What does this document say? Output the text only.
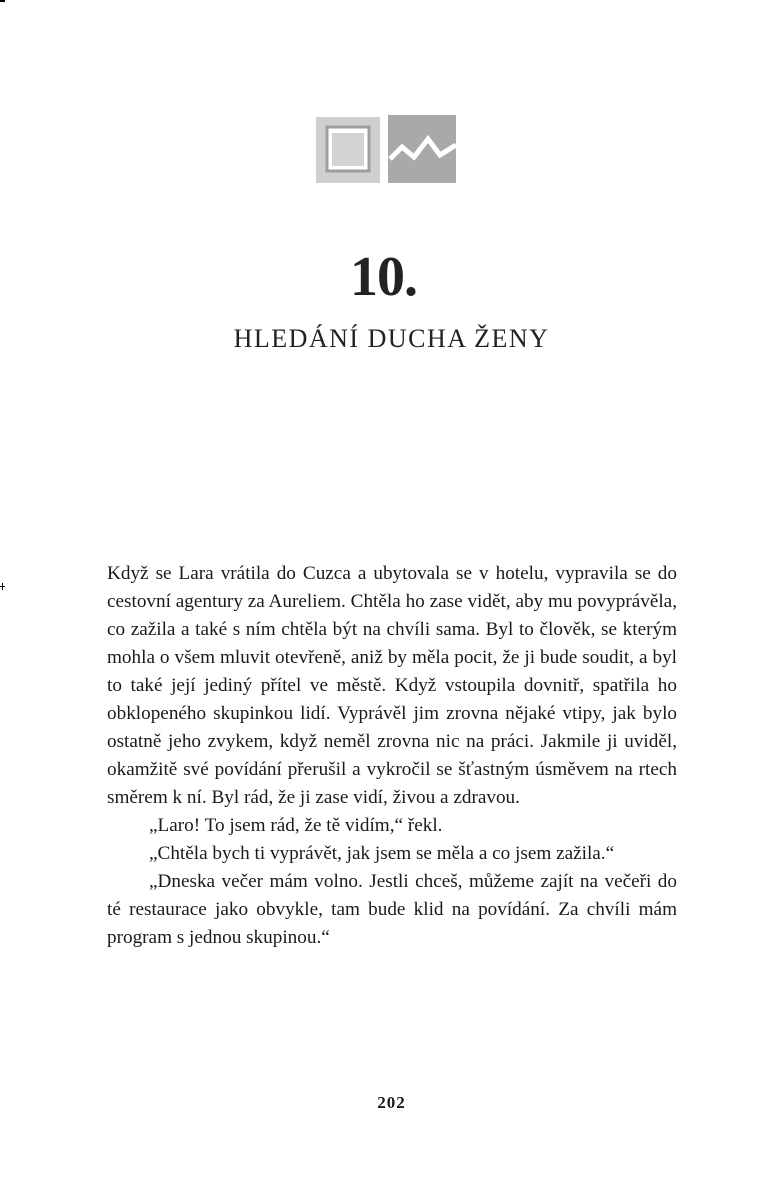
10.
HLEDÁNÍ DUCHA ŽENY

Když se Lara vrátila do Cuzca a ubytovala se v hotelu, vypravila se do cestovní agentury za Aureliem. Chtěla ho zase vidět, aby mu povyprávěla, co zažila a také s ním chtěla být na chvíli sama. Byl to člověk, se kterým mohla o všem mluvit otevřeně, aniž by měla pocit, že ji bude soudit, a byl to také její jediný přítel ve městě. Když vstoupila dovnitř, spatřila ho obklopeného skupinkou lidí. Vyprávěl jim zrovna nějaké vtipy, jak bylo ostatně jeho zvykem, když neměl zrovna nic na práci. Jakmile ji uviděl, okamžitě své povídání přerušil a vykročil se šťastným úsměvem na rtech směrem k ní. Byl rád, že ji zase vidí, živou a zdravou.

„Laro! To jsem rád, že tě vidím,“ řekl.

„Chtěla bych ti vyprávět, jak jsem se měla a co jsem zažila.“

„Dneska večer mám volno. Jestli chceš, můžeme zajít na večeři do té restaurace jako obvykle, tam bude klid na povídání. Za chvíli mám program s jednou skupinou.“

202
